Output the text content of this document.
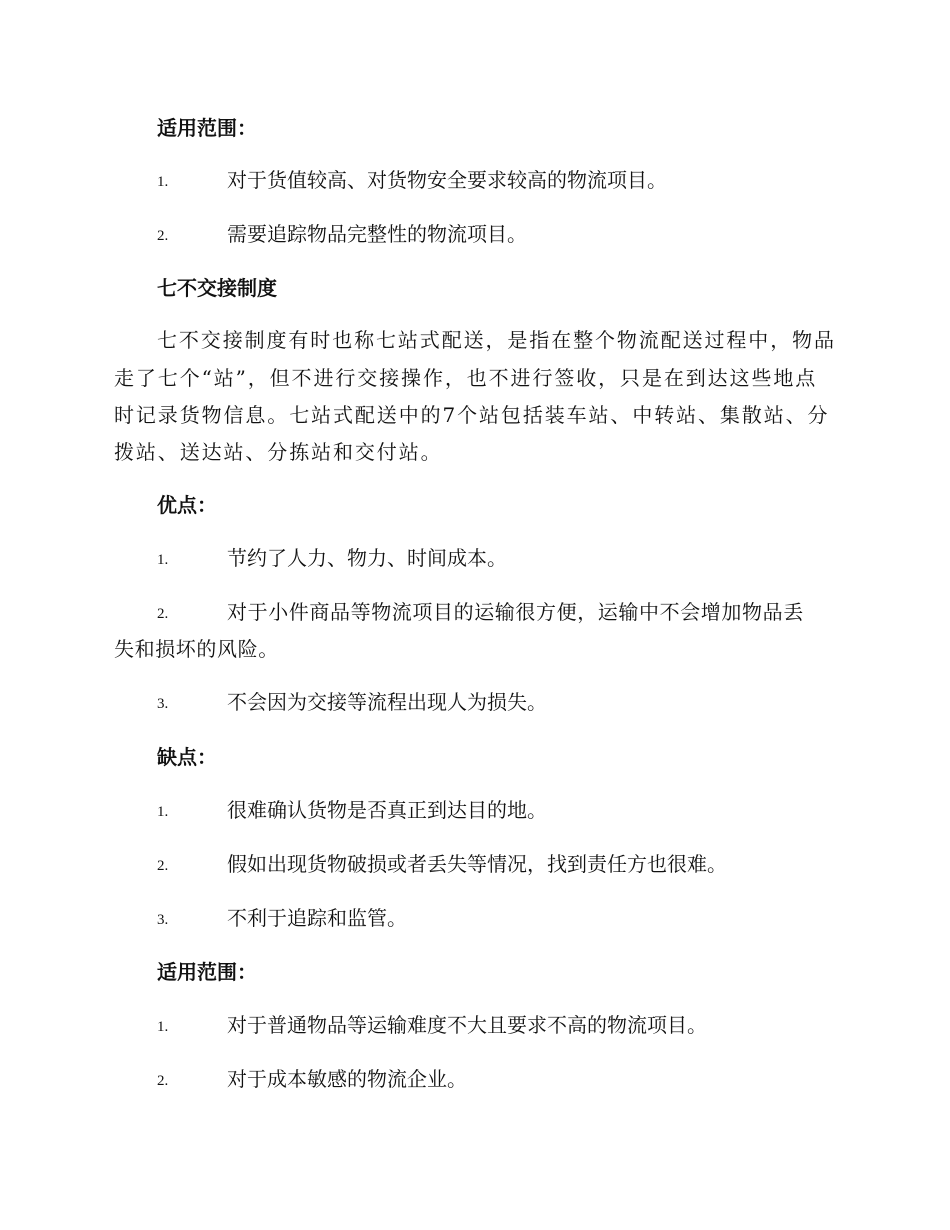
适用范围：
1.	对于货值较高、对货物安全要求较高的物流项目。
2.	需要追踪物品完整性的物流项目。
七不交接制度
七不交接制度有时也称七站式配送，是指在整个物流配送过程中，物品
走了七个“站”，但不进行交接操作，也不进行签收，只是在到达这些地点
时记录货物信息。七站式配送中的7个站包括装车站、中转站、集散站、分
拨站、送达站、分拣站和交付站。
优点：
1.	节约了人力、物力、时间成本。
2.	对于小件商品等物流项目的运输很方便，运输中不会增加物品丢
失和损坏的风险。
3.	不会因为交接等流程出现人为损失。
缺点：
1.	很难确认货物是否真正到达目的地。
2.	假如出现货物破损或者丢失等情况，找到责任方也很难。
3.	不利于追踪和监管。
适用范围：
1.	对于普通物品等运输难度不大且要求不高的物流项目。
2.	对于成本敏感的物流企业。
